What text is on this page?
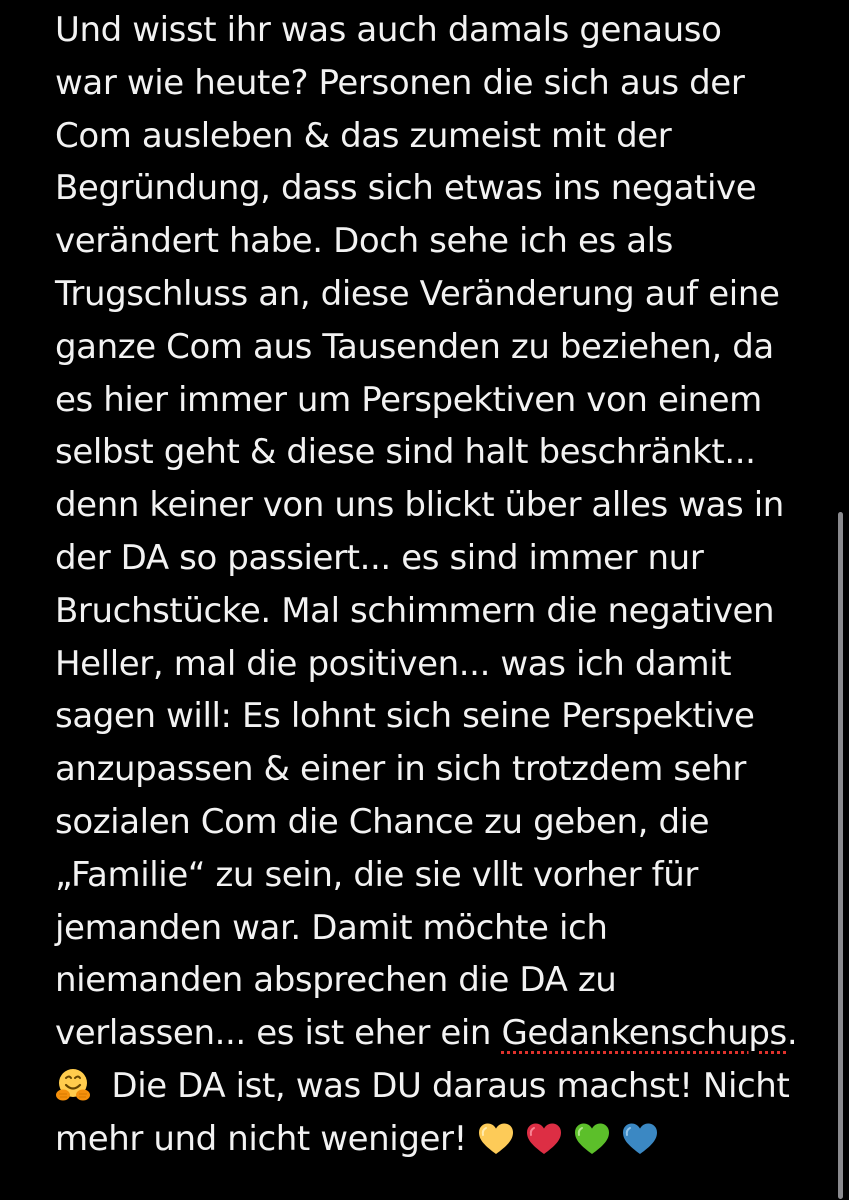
Und wisst ihr was auch damals genauso
war wie heute? Personen die sich aus der
Com ausleben & das zumeist mit der
Begründung, dass sich etwas ins negative
verändert habe. Doch sehe ich es als
Trugschluss an, diese Veränderung auf eine
ganze Com aus Tausenden zu beziehen, da
es hier immer um Perspektiven von einem
selbst geht & diese sind halt beschränkt...
denn keiner von uns blickt über alles was in
der DA so passiert... es sind immer nur
Bruchstücke. Mal schimmern die negativen
Heller, mal die positiven... was ich damit
sagen will: Es lohnt sich seine Perspektive
anzupassen & einer in sich trotzdem sehr
sozialen Com die Chance zu geben, die
„Familie“ zu sein, die sie vllt vorher für
jemanden war. Damit möchte ich
niemanden absprechen die DA zu
verlassen... es ist eher ein Gedankenschups.
Die DA ist, was DU daraus machst! Nicht
mehr und nicht weniger!
